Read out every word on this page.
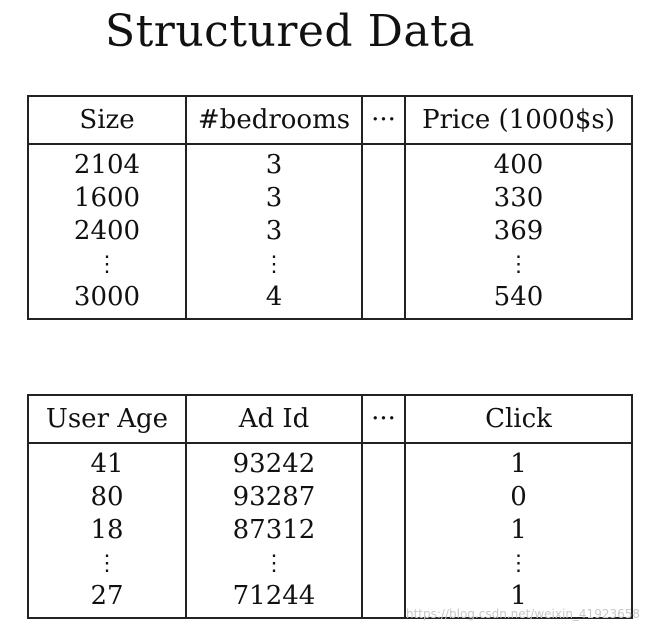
Structured Data
Size	#bedrooms	···	Price (1000$s)
2104	3		400
1600	3		330
2400	3		369
⋮	⋮		⋮
3000	4		540
User Age	Ad Id	···	Click
41	93242		1
80	93287		0
18	87312		1
⋮	⋮		⋮
27	71244		1
https://blog.csdn.net/weixin_41923658
